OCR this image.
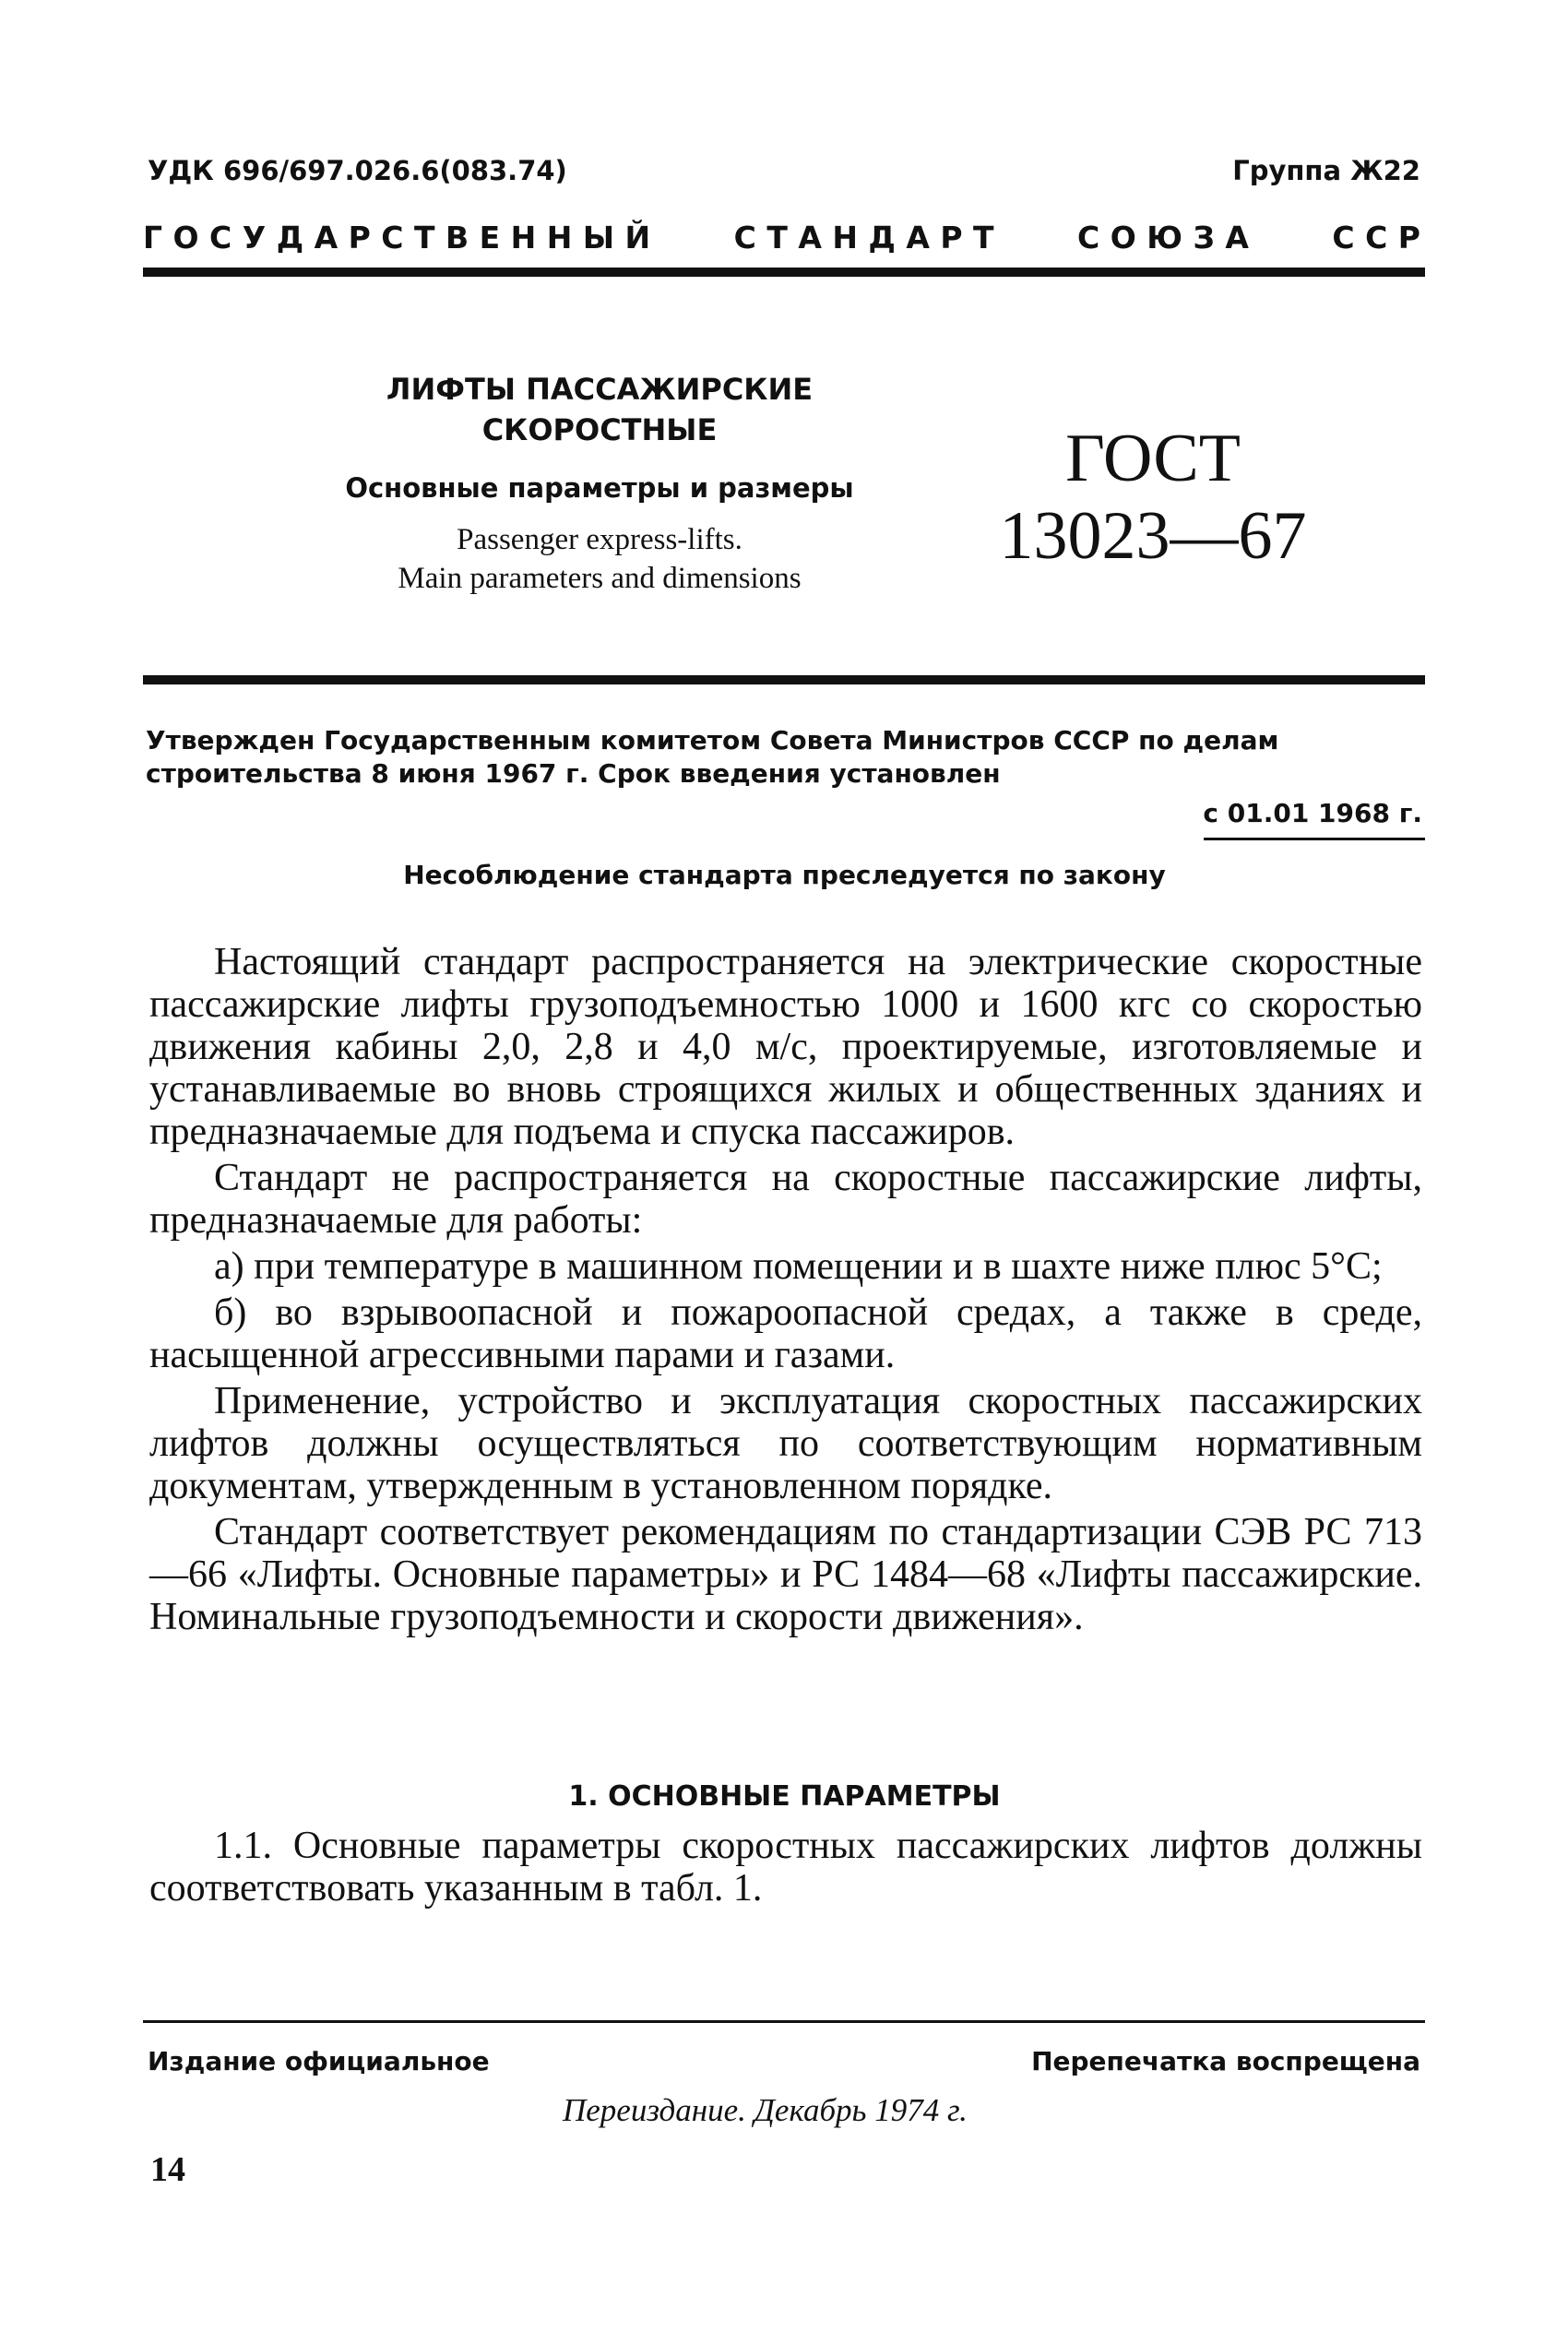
УДК 696/697.026.6(083.74)	Группа Ж22
Г О С У Д А Р С Т В Е Н Н Ы Й	С Т А Н Д А Р Т	С О Ю З А	С С Р
ЛИФТЫ ПАССАЖИРСКИЕ
СКОРОСТНЫЕ
Основные параметры и размеры
Passenger express-lifts.
Main parameters and dimensions
ГОСТ
13023—67
Утвержден Государственным комитетом Совета Министров СССР по делам строительства 8 июня 1967 г. Срок введения установлен
с 01.01 1968 г.
Несоблюдение стандарта преследуется по закону

Настоящий стандарт распространяется на электрические скоростные пассажирские лифты грузоподъемностью 1000 и 1600 кгс со скоростью движения кабины 2,0, 2,8 и 4,0 м/с, проектируемые, изготовляемые и устанавливаемые во вновь строящихся жилых и общественных зданиях и предназначаемые для подъема и спуска пассажиров.

Стандарт не распространяется на скоростные пассажирские лифты, предназначаемые для работы:

а) при температуре в машинном помещении и в шахте ниже плюс 5°С;

б) во взрывоопасной и пожароопасной средах, а также в среде, насыщенной агрессивными парами и газами.

Применение, устройство и эксплуатация скоростных пассажирских лифтов должны осуществляться по соответствующим нормативным документам, утвержденным в установленном порядке.

Стандарт соответствует рекомендациям по стандартизации СЭВ РС 713—66 «Лифты. Основные параметры» и РС 1484—68 «Лифты пассажирские. Номинальные грузоподъемности и скорости движения».

1. ОСНОВНЫЕ ПАРАМЕТРЫ

1.1. Основные параметры скоростных пассажирских лифтов должны соответствовать указанным в табл. 1.

Издание официальное	Перепечатка воспрещена
Переиздание. Декабрь 1974 г.
14
